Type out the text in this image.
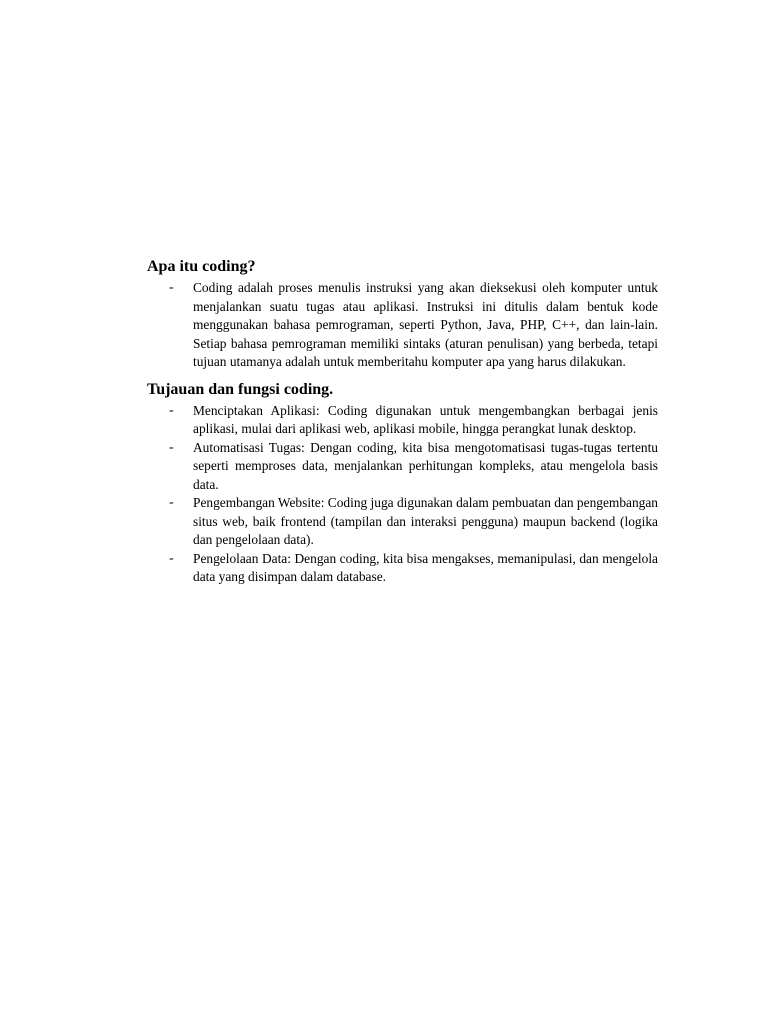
Apa itu coding?
- Coding adalah proses menulis instruksi yang akan dieksekusi oleh komputer untuk menjalankan suatu tugas atau aplikasi. Instruksi ini ditulis dalam bentuk kode menggunakan bahasa pemrograman, seperti Python, Java, PHP, C++, dan lain-lain. Setiap bahasa pemrograman memiliki sintaks (aturan penulisan) yang berbeda, tetapi tujuan utamanya adalah untuk memberitahu komputer apa yang harus dilakukan.
Tujauan dan fungsi coding.
- Menciptakan Aplikasi: Coding digunakan untuk mengembangkan berbagai jenis aplikasi, mulai dari aplikasi web, aplikasi mobile, hingga perangkat lunak desktop.
- Automatisasi Tugas: Dengan coding, kita bisa mengotomatisasi tugas-tugas tertentu seperti memproses data, menjalankan perhitungan kompleks, atau mengelola basis data.
- Pengembangan Website: Coding juga digunakan dalam pembuatan dan pengembangan situs web, baik frontend (tampilan dan interaksi pengguna) maupun backend (logika dan pengelolaan data).
- Pengelolaan Data: Dengan coding, kita bisa mengakses, memanipulasi, dan mengelola data yang disimpan dalam database.
